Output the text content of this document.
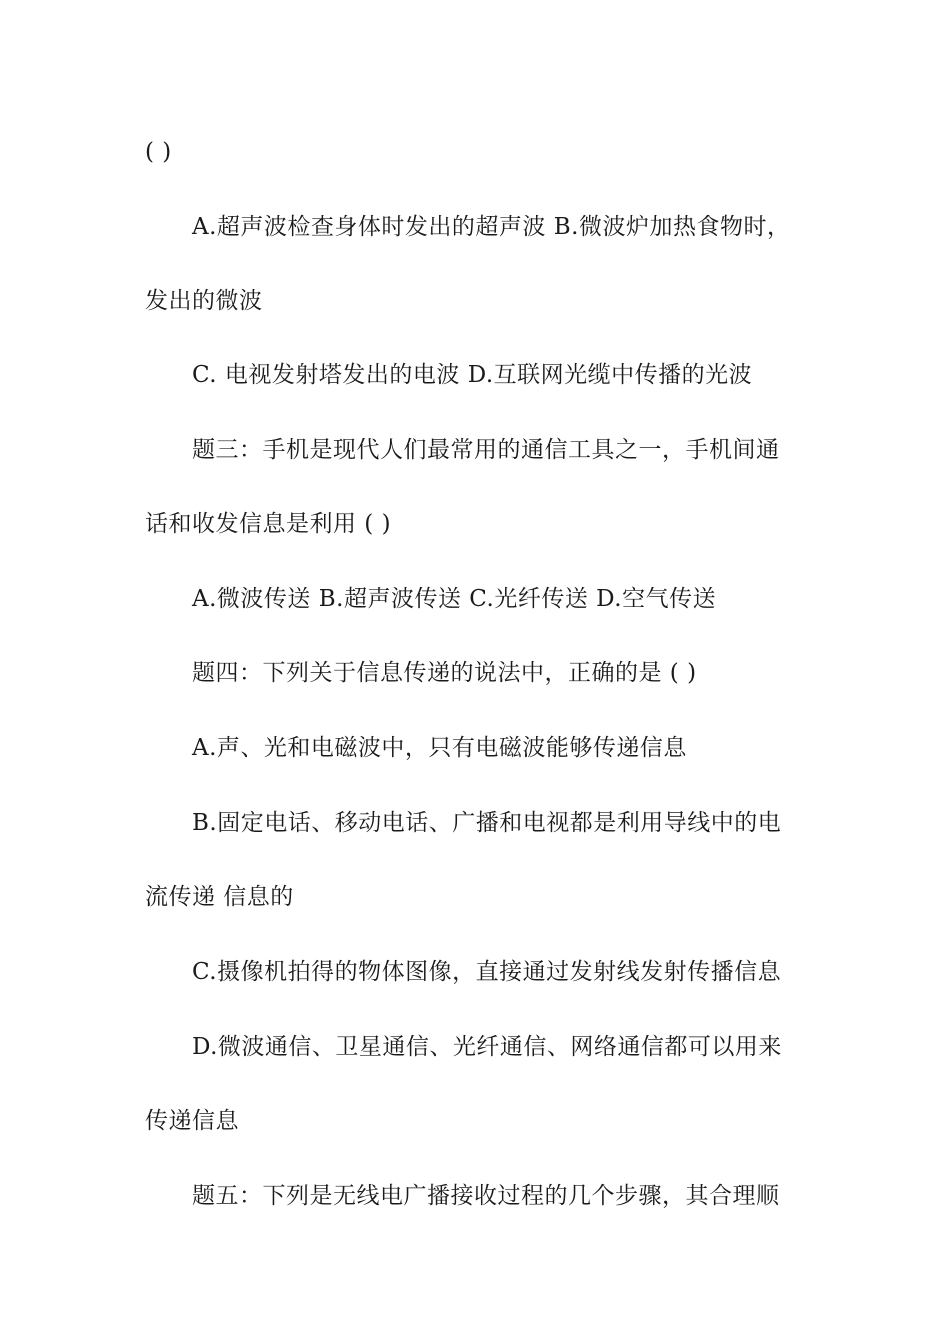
( )
A.超声波检查身体时发出的超声波 B.微波炉加热食物时，
发出的微波
C. 电视发射塔发出的电波 D.互联网光缆中传播的光波
题三：手机是现代人们最常用的通信工具之一，手机间通
话和收发信息是利用 ( )
A.微波传送 B.超声波传送 C.光纤传送 D.空气传送
题四：下列关于信息传递的说法中，正确的是 ( )
A.声、光和电磁波中，只有电磁波能够传递信息
B.固定电话、移动电话、广播和电视都是利用导线中的电
流传递 信息的
C.摄像机拍得的物体图像，直接通过发射线发射传播信息
D.微波通信、卫星通信、光纤通信、网络通信都可以用来
传递信息
题五：下列是无线电广播接收过程的几个步骤，其合理顺
